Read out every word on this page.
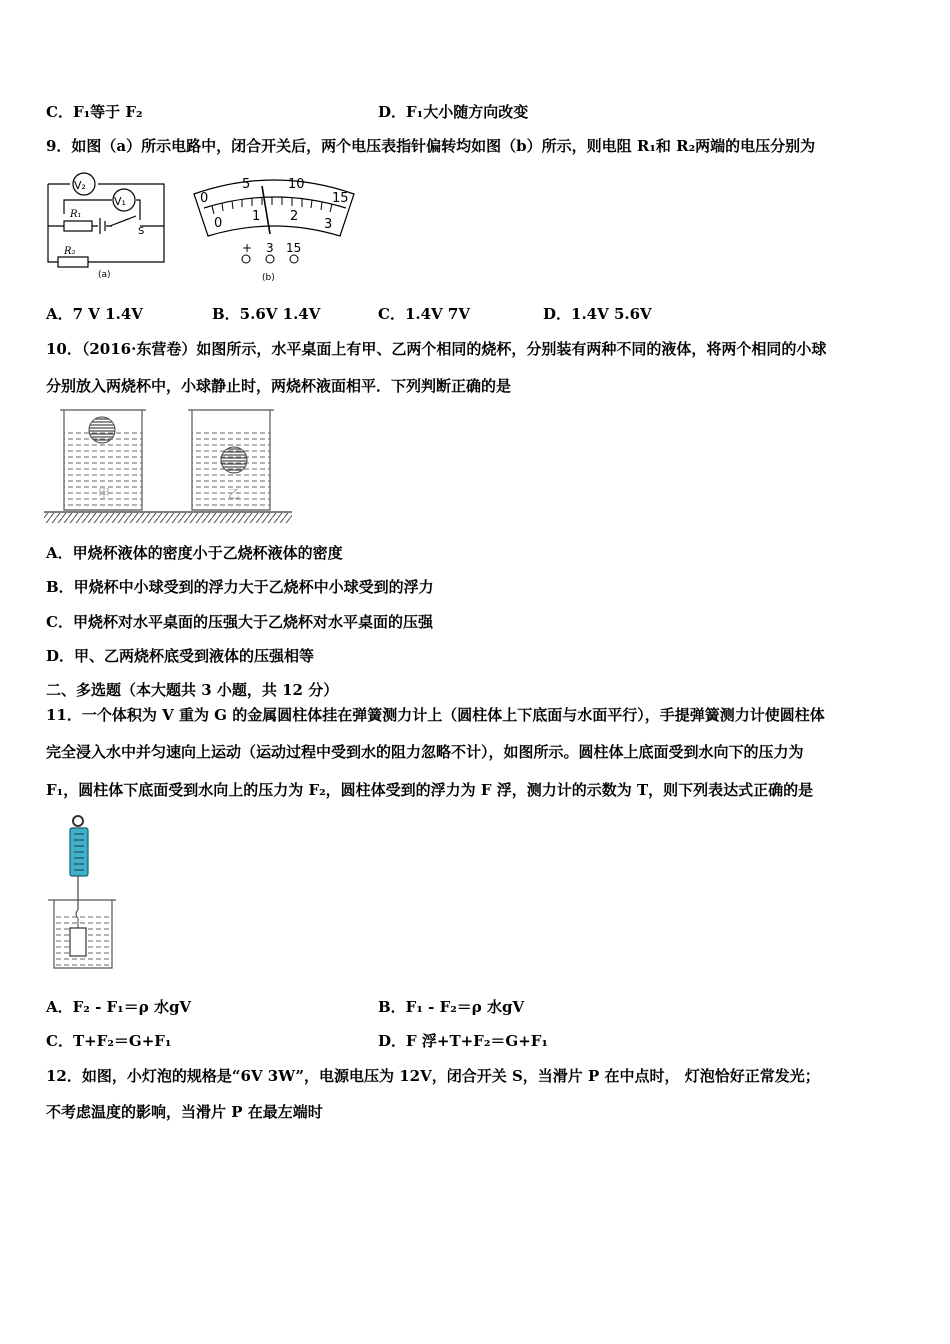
C．F₁等于 F₂	D．F₁大小随方向改变
9．如图（a）所示电路中，闭合开关后，两个电压表指针偏转均如图（b）所示，则电阻 R₁和 R₂两端的电压分别为
V₂
V₁
R₁
R₂
S
(a)
0
5	10
15
0 1 2
3
+ 3 15
(b)
A．7 V 1.4V	B．5.6V 1.4V	C．1.4V 7V	D．1.4V 5.6V
10．（2016·东营卷）如图所示，水平桌面上有甲、乙两个相同的烧杯，分别装有两种不同的液体，将两个相同的小球
分别放入两烧杯中，小球静止时，两烧杯液面相平．下列判断正确的是
甲	乙
A．甲烧杯液体的密度小于乙烧杯液体的密度
B．甲烧杯中小球受到的浮力大于乙烧杯中小球受到的浮力
C．甲烧杯对水平桌面的压强大于乙烧杯对水平桌面的压强
D．甲、乙两烧杯底受到液体的压强相等
二、多选题（本大题共 3 小题，共 12 分）
11．一个体积为 V 重为 G 的金属圆柱体挂在弹簧测力计上（圆柱体上下底面与水面平行），手提弹簧测力计使圆柱体
完全浸入水中并匀速向上运动（运动过程中受到水的阻力忽略不计），如图所示。圆柱体上底面受到水向下的压力为
F₁，圆柱体下底面受到水向上的压力为 F₂，圆柱体受到的浮力为 F 浮，测力计的示数为 T，则下列表达式正确的是
A．F₂ - F₁＝ρ 水gV	B．F₁ - F₂＝ρ 水gV
C．T+F₂＝G+F₁	D．F 浮+T+F₂＝G+F₁
12．如图，小灯泡的规格是“6V 3W”，电源电压为 12V，闭合开关 S，当滑片 P 在中点时， 灯泡恰好正常发光；
不考虑温度的影响，当滑片 P 在最左端时
